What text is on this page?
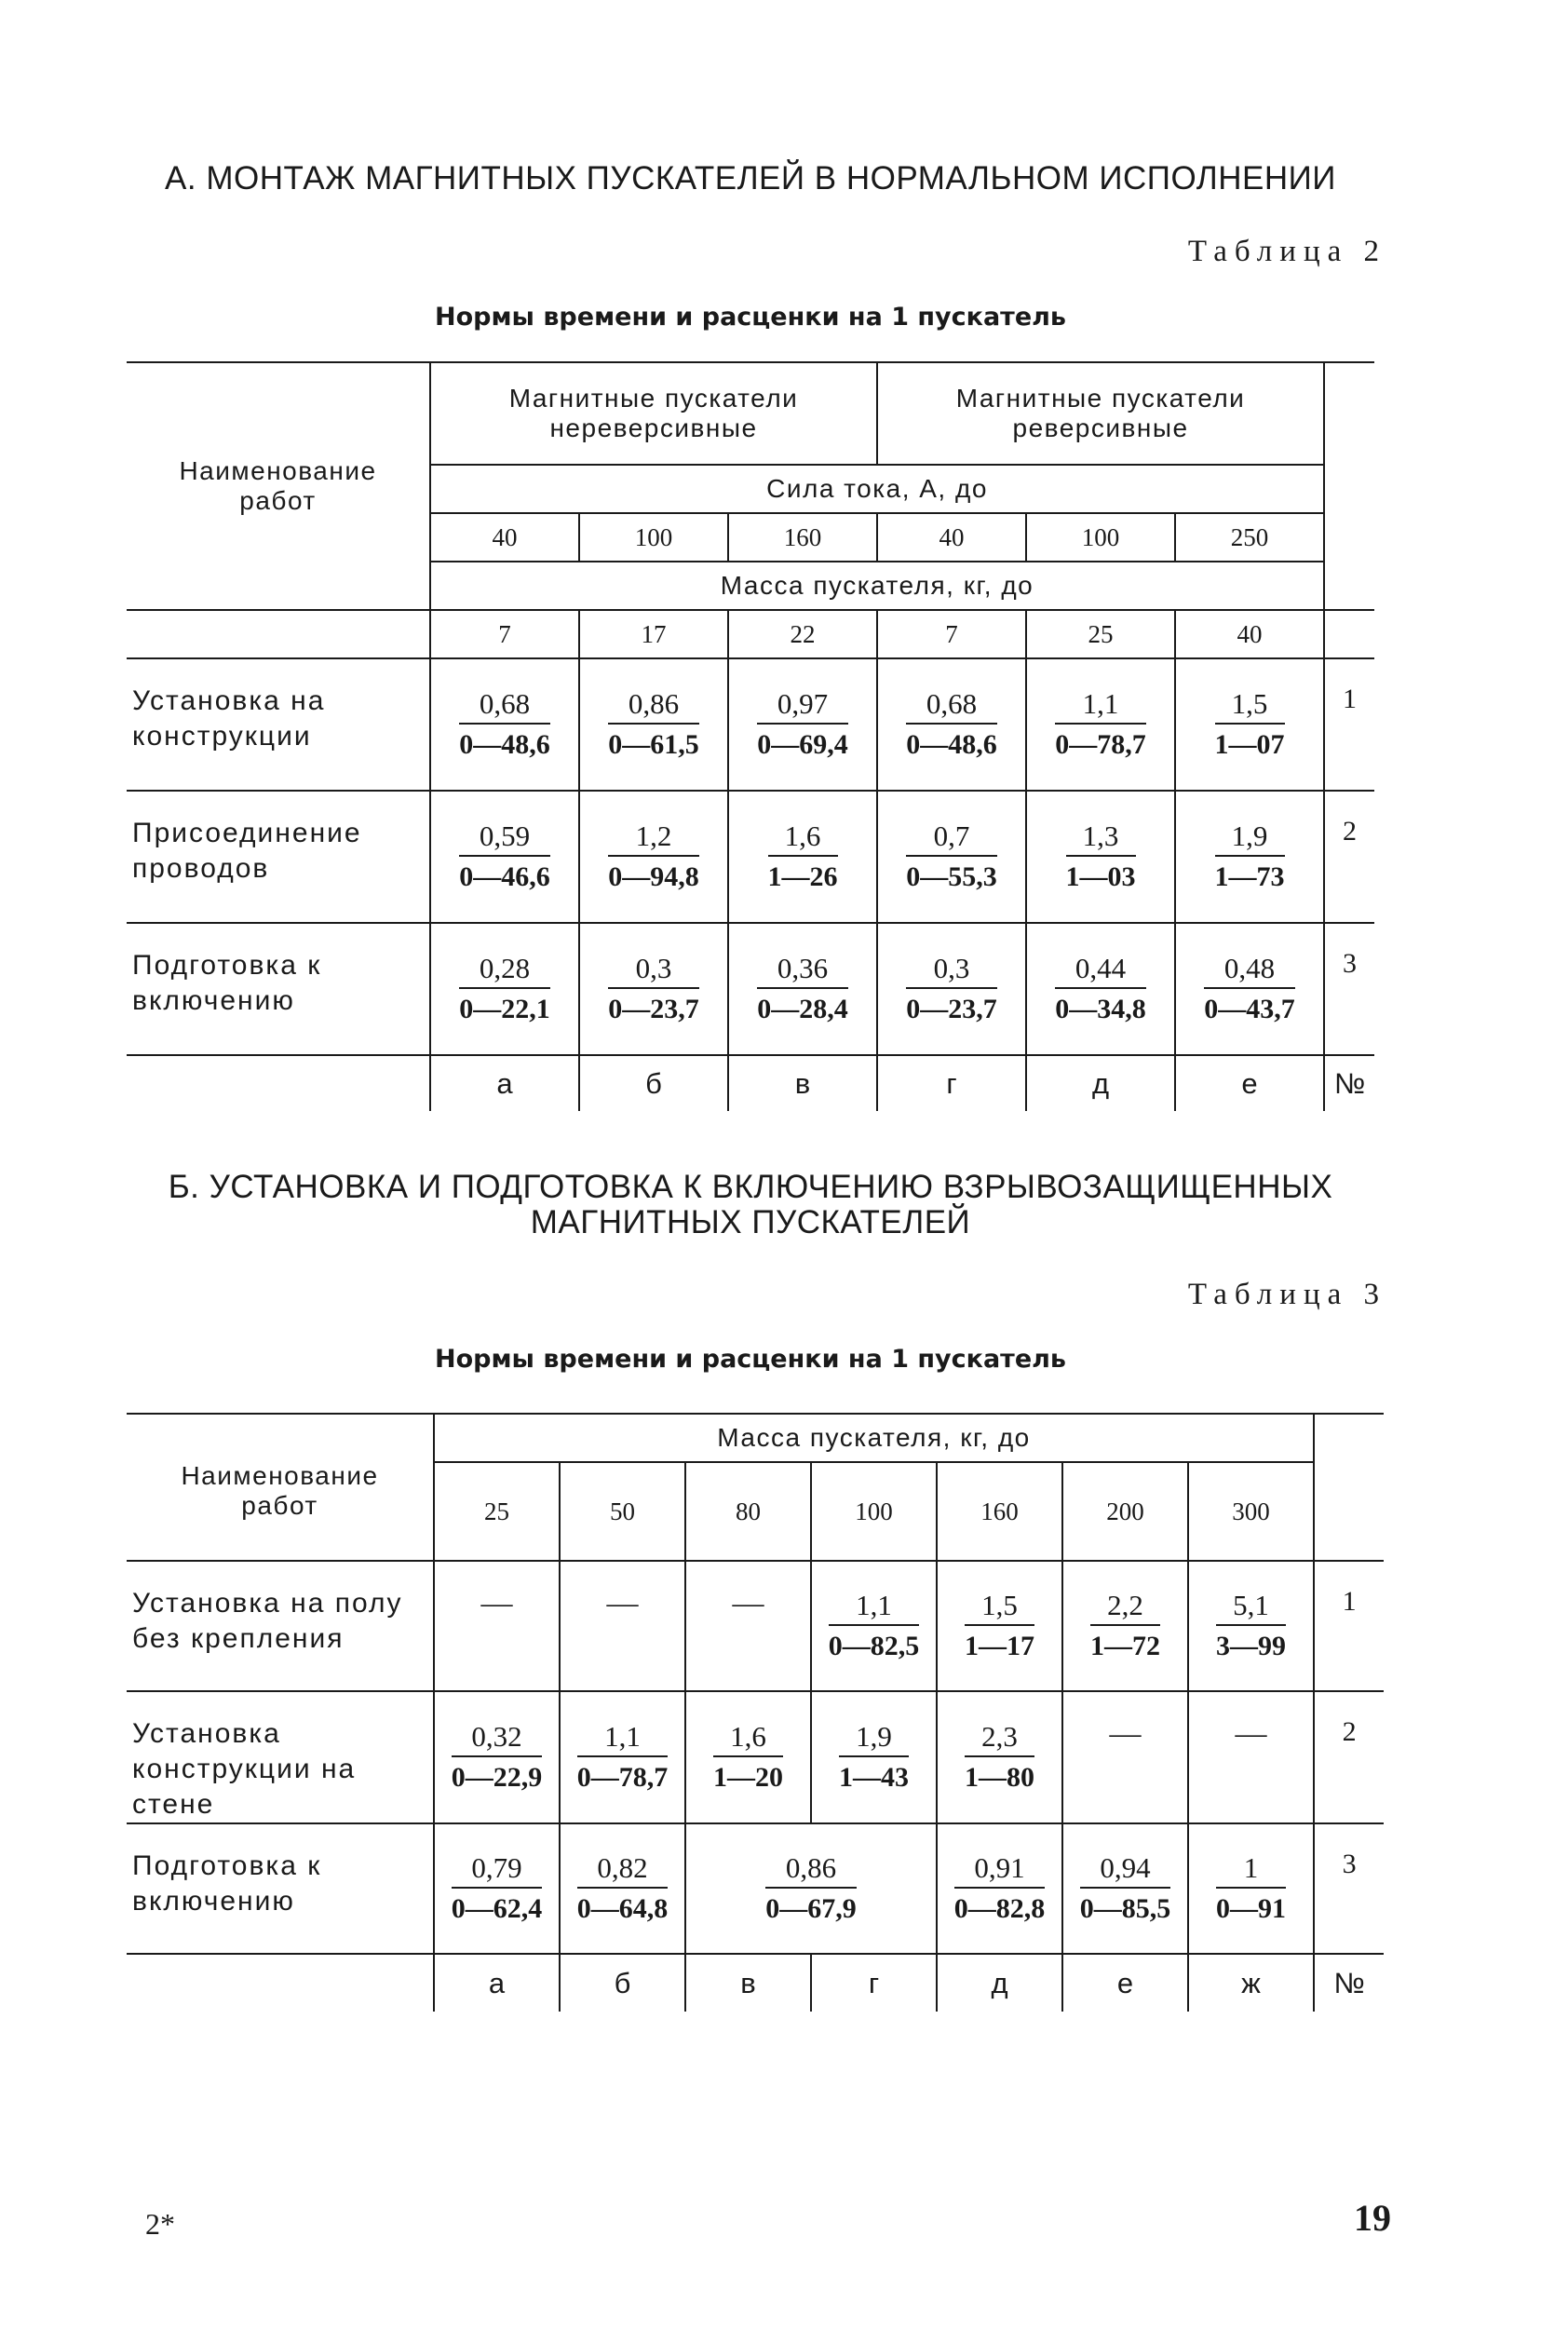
А. МОНТАЖ МАГНИТНЫХ ПУСКАТЕЛЕЙ В НОРМАЛЬНОМ ИСПОЛНЕНИИ
Таблица 2
Нормы времени и расценки на 1 пускатель
Наименование работ	Магнитные пускатели нереверсивные			Магнитные пускатели реверсивные			
	Сила тока, А, до						
	40	100	160	40	100	250	
	Масса пускателя, кг, до						
	7	17	22	7	25	40	
Установка на конструкции	$\frac{0,68}{0—48,6}$	$\frac{0,86}{0—61,5}$	$\frac{0,97}{0—69,4}$	$\frac{0,68}{0—48,6}$	$\frac{1,1}{0—78,7}$	$\frac{1,5}{1—07}$	1
Присоединение проводов	$\frac{0,59}{0—46,6}$	$\frac{1,2}{0—94,8}$	$\frac{1,6}{1—26}$	$\frac{0,7}{0—55,3}$	$\frac{1,3}{1—03}$	$\frac{1,9}{1—73}$	2
Подготовка к включению	$\frac{0,28}{0—22,1}$	$\frac{0,3}{0—23,7}$	$\frac{0,36}{0—28,4}$	$\frac{0,3}{0—23,7}$	$\frac{0,44}{0—34,8}$	$\frac{0,48}{0—43,7}$	3
	а	б	в	г	д	е	№
Б. УСТАНОВКА И ПОДГОТОВКА К ВКЛЮЧЕНИЮ ВЗРЫВОЗАЩИЩЕННЫХ
МАГНИТНЫХ ПУСКАТЕЛЕЙ
Таблица 3
Нормы времени и расценки на 1 пускатель
Наименование работ	Масса пускателя, кг, до							
	25	50	80	100	160	200	300	
Установка на полу без крепления	—	—	—	$\frac{1,1}{0—82,5}$	$\frac{1,5}{1—17}$	$\frac{2,2}{1—72}$	$\frac{5,1}{3—99}$	1
Установка конструкции на стене	$\frac{0,32}{0—22,9}$	$\frac{1,1}{0—78,7}$	$\frac{1,6}{1—20}$	$\frac{1,9}{1—43}$	$\frac{2,3}{1—80}$	—	—	2
Подготовка к включению	$\frac{0,79}{0—62,4}$	$\frac{0,82}{0—64,8}$	$\frac{0,86}{0—67,9}$		$\frac{0,91}{0—82,8}$	$\frac{0,94}{0—85,5}$	$\frac{1}{0—91}$	3
	а	б	в	г	д	е	ж	№
2*	19
